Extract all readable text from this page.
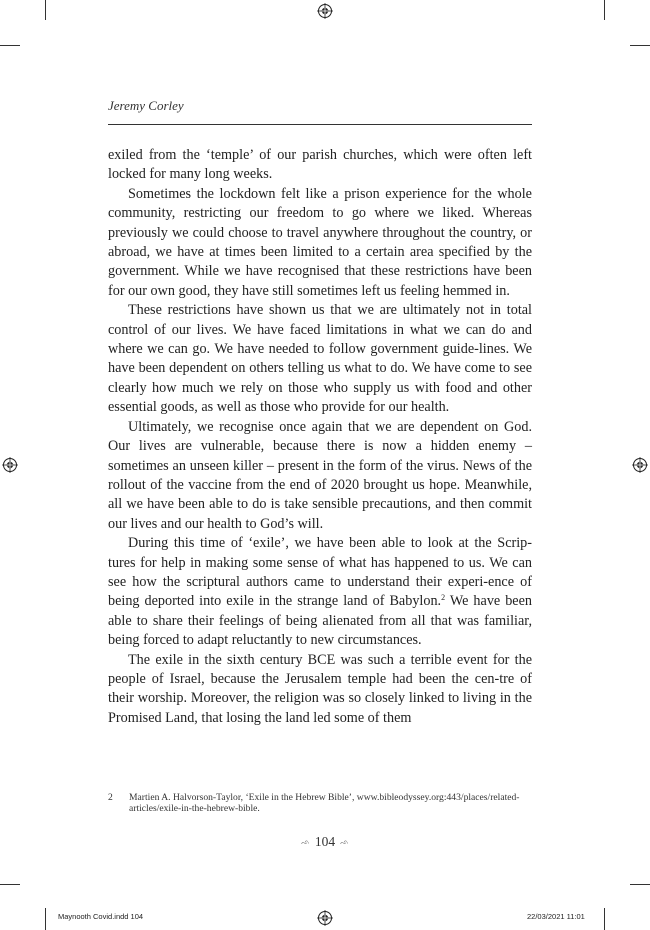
Jeremy Corley

exiled from the ‘temple’ of our parish churches, which were often left locked for many long weeks.

Sometimes the lockdown felt like a prison experience for the whole community, restricting our freedom to go where we liked. Whereas previously we could choose to travel anywhere throughout the country, or abroad, we have at times been limited to a certain area specified by the government. While we have recognised that these restrictions have been for our own good, they have still sometimes left us feeling hemmed in.

These restrictions have shown us that we are ultimately not in total control of our lives. We have faced limitations in what we can do and where we can go. We have needed to follow government guide-lines. We have been dependent on others telling us what to do. We have come to see clearly how much we rely on those who supply us with food and other essential goods, as well as those who provide for our health.

Ultimately, we recognise once again that we are dependent on God. Our lives are vulnerable, because there is now a hidden enemy – sometimes an unseen killer – present in the form of the virus. News of the rollout of the vaccine from the end of 2020 brought us hope. Meanwhile, all we have been able to do is take sensible precautions, and then commit our lives and our health to God’s will.

During this time of ‘exile’, we have been able to look at the Scrip-tures for help in making some sense of what has happened to us. We can see how the scriptural authors came to understand their experi-ence of being deported into exile in the strange land of Babylon.$^2$ We have been able to share their feelings of being alienated from all that was familiar, being forced to adapt reluctantly to new circumstances.

The exile in the sixth century BCE was such a terrible event for the people of Israel, because the Jerusalem temple had been the cen-tre of their worship. Moreover, the religion was so closely linked to living in the Promised Land, that losing the land led some of them

2	Martien A. Halvorson-Taylor, ‘Exile in the Hebrew Bible’, www.bibleodyssey.org:443/places/related-articles/exile-in-the-hebrew-bible.
ᨒ 104 ᨒ
Maynooth Covid.indd 104	22/03/2021 11:01
